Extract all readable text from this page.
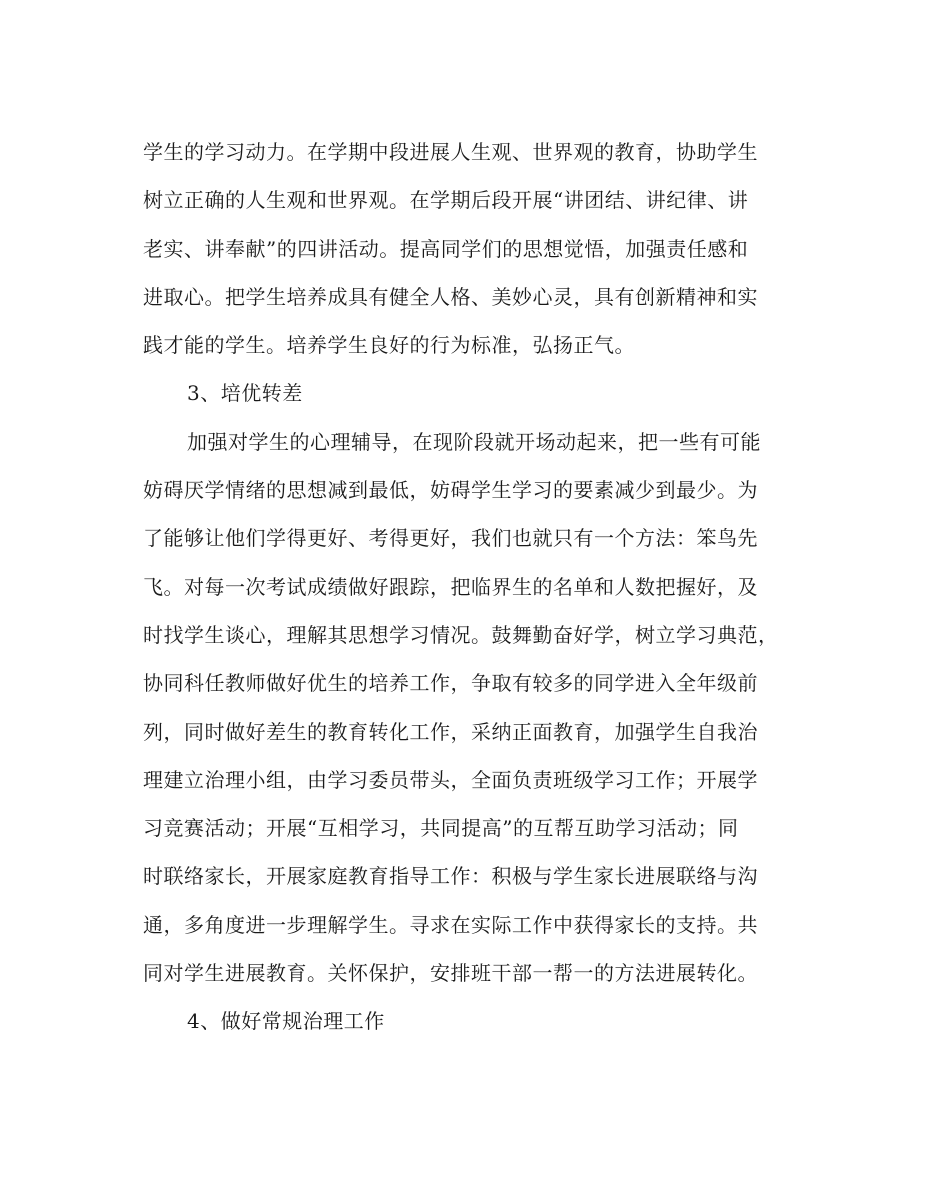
学生的学习动力。在学期中段进展人生观、世界观的教育，协助学生
树立正确的人生观和世界观。在学期后段开展“讲团结、讲纪律、讲
老实、讲奉献”的四讲活动。提高同学们的思想觉悟，加强责任感和
进取心。把学生培养成具有健全人格、美妙心灵，具有创新精神和实
践才能的学生。培养学生良好的行为标准，弘扬正气。

3、培优转差

加强对学生的心理辅导，在现阶段就开场动起来，把一些有可能
妨碍厌学情绪的思想减到最低，妨碍学生学习的要素减少到最少。为
了能够让他们学得更好、考得更好，我们也就只有一个方法：笨鸟先
飞。对每一次考试成绩做好跟踪，把临界生的名单和人数把握好，及
时找学生谈心，理解其思想学习情况。鼓舞勤奋好学，树立学习典范，
协同科任教师做好优生的培养工作，争取有较多的同学进入全年级前
列，同时做好差生的教育转化工作，采纳正面教育，加强学生自我治
理建立治理小组，由学习委员带头，全面负责班级学习工作；开展学
习竞赛活动；开展“互相学习，共同提高”的互帮互助学习活动；同
时联络家长，开展家庭教育指导工作：积极与学生家长进展联络与沟
通，多角度进一步理解学生。寻求在实际工作中获得家长的支持。共
同对学生进展教育。关怀保护，安排班干部一帮一的方法进展转化。

4、做好常规治理工作
